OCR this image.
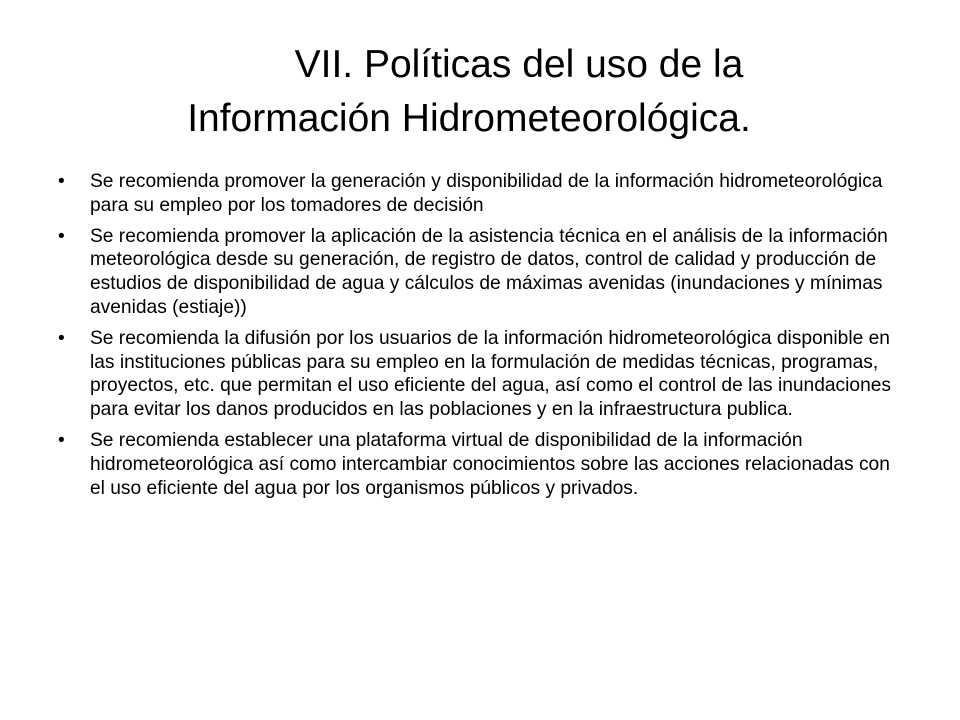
VII. Políticas del uso de la
Información Hidrometeorológica.
• Se recomienda promover la generación y disponibilidad de la información hidrometeorológica para su empleo por los tomadores de decisión
• Se recomienda promover la aplicación de la asistencia técnica en el análisis de la información meteorológica desde su generación, de registro de datos, control de calidad y producción de estudios de disponibilidad de agua y cálculos de máximas avenidas (inundaciones y mínimas avenidas (estiaje))
• Se recomienda la difusión por los usuarios de la información hidrometeorológica disponible en las instituciones públicas para su empleo en la formulación de medidas técnicas, programas, proyectos, etc. que permitan el uso eficiente del agua, así como el control de las inundaciones para evitar los danos producidos en las poblaciones y en la infraestructura publica.
• Se recomienda establecer una plataforma virtual de disponibilidad de la información hidrometeorológica así como intercambiar conocimientos sobre las acciones relacionadas con el uso eficiente del agua por los organismos públicos y privados.
